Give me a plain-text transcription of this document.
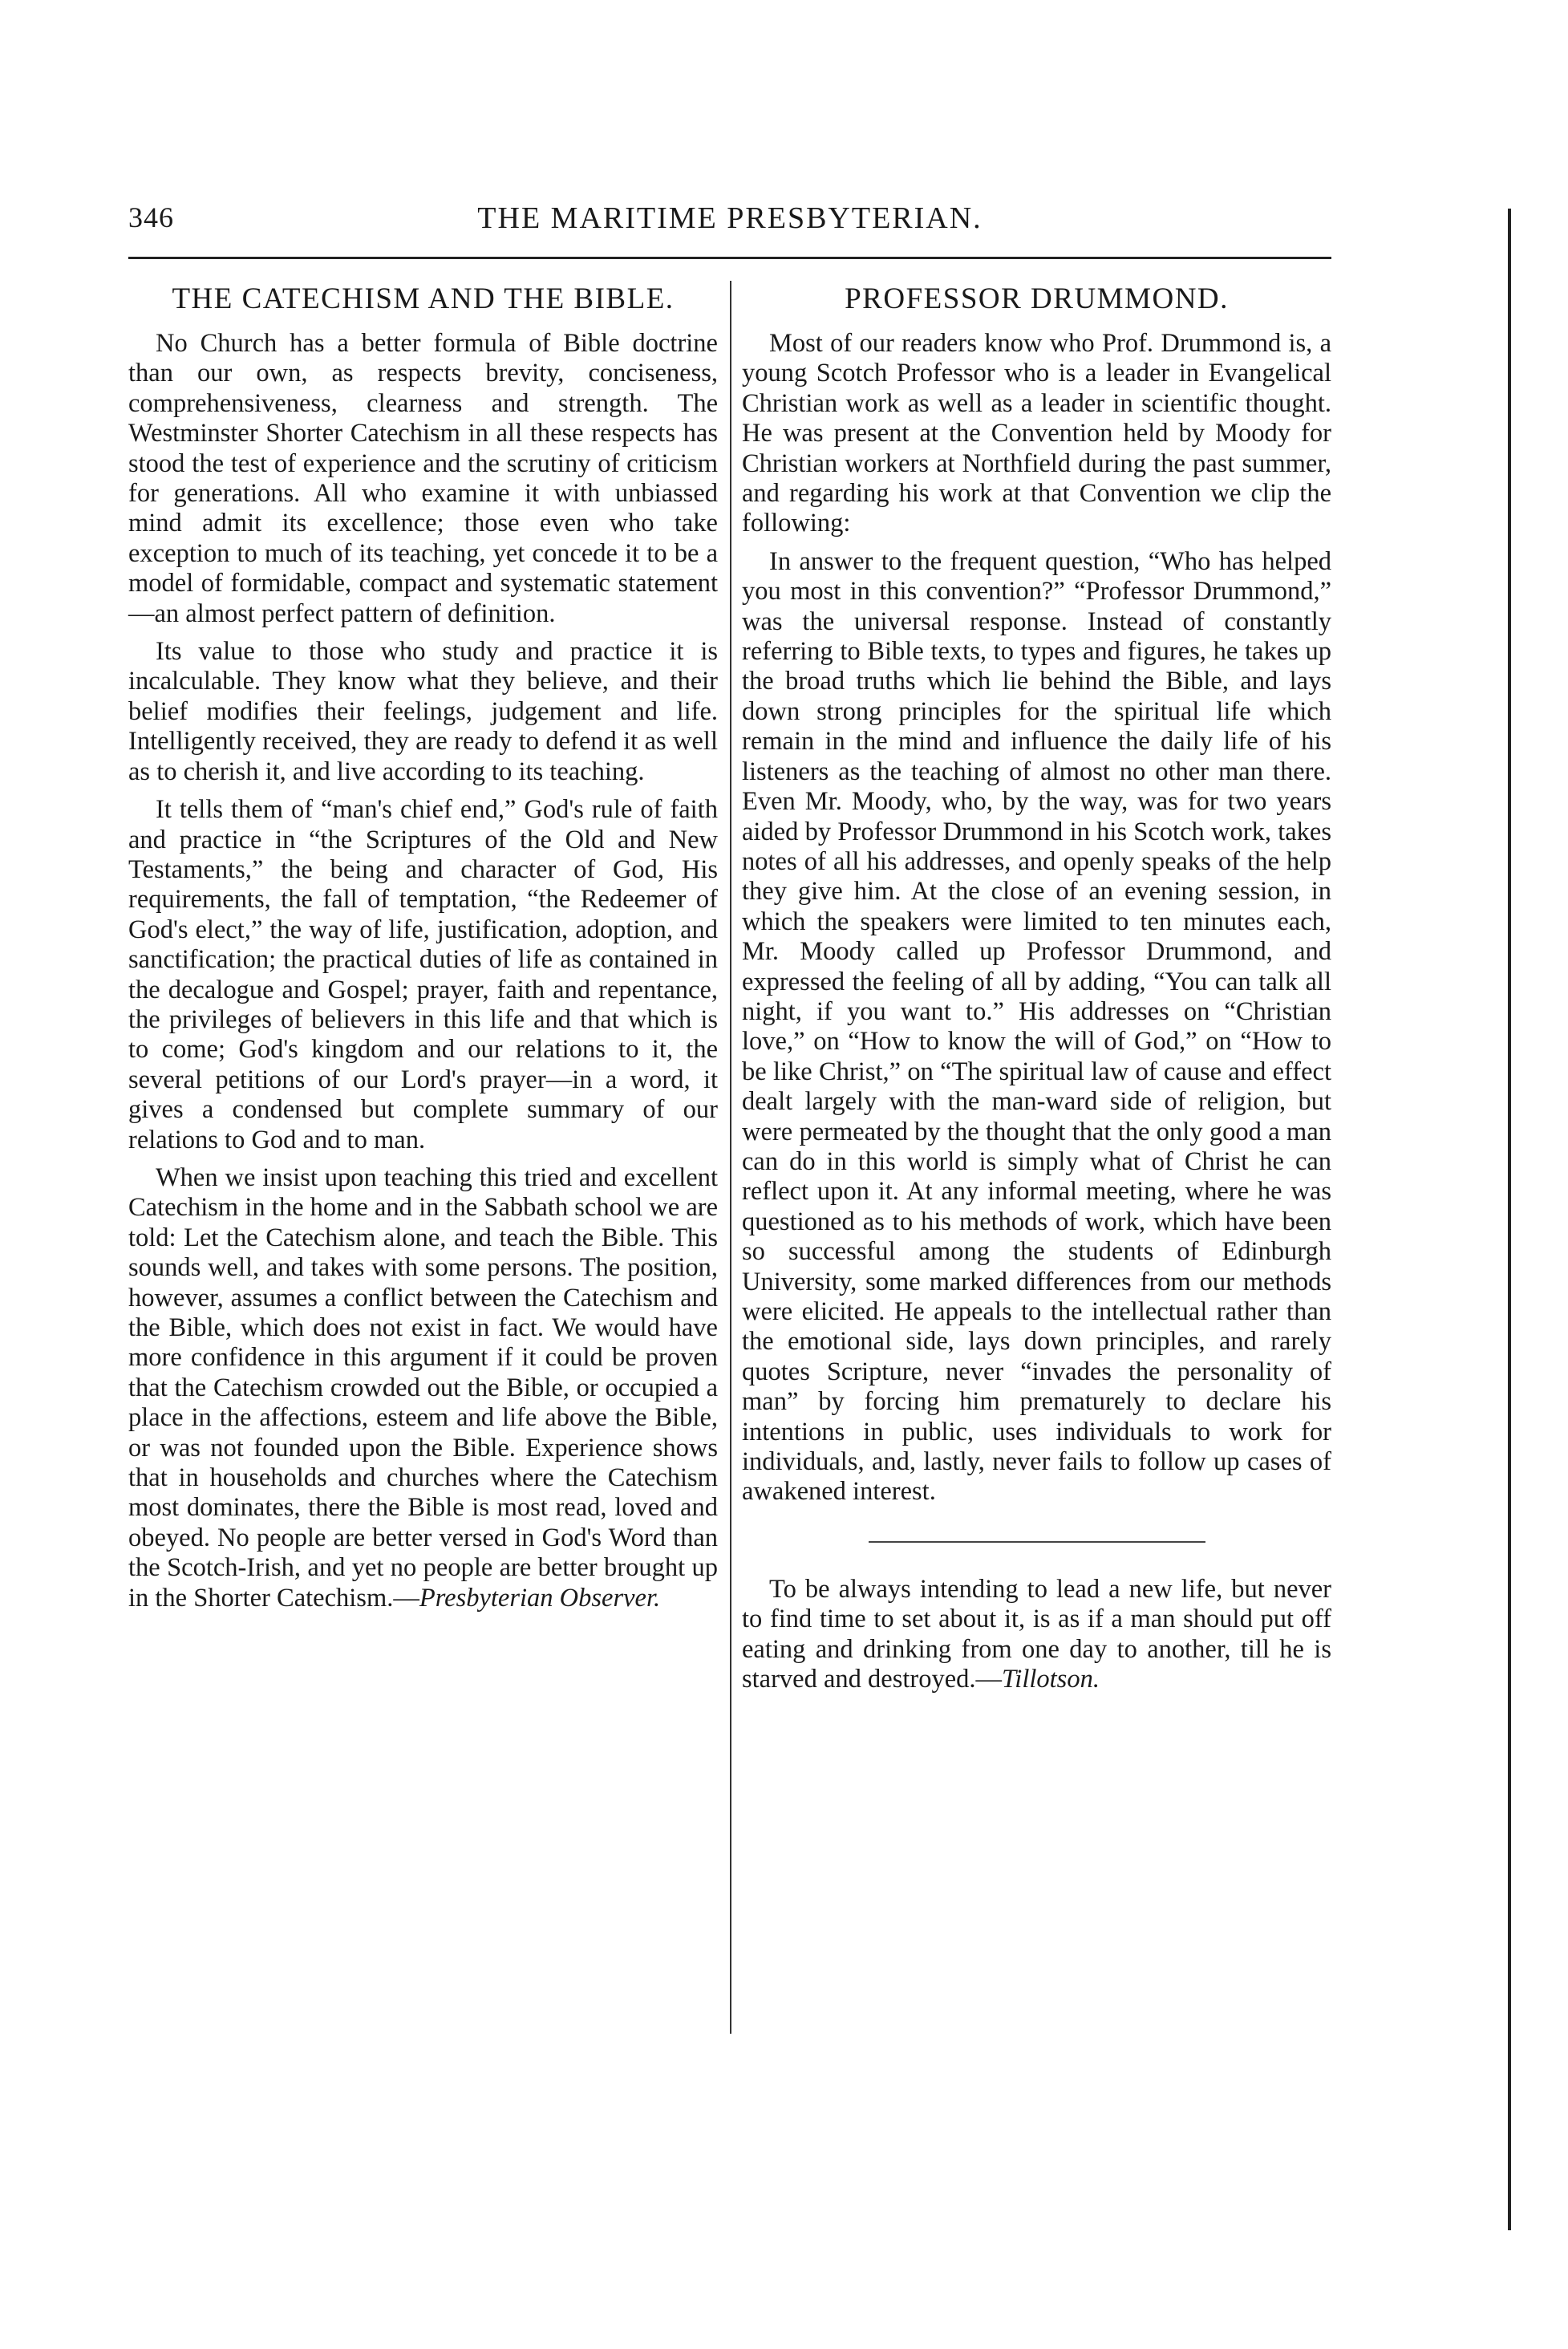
346	THE MARITIME PRESBYTERIAN.
THE CATECHISM AND THE BIBLE.

No Church has a better formula of Bible doctrine than our own, as respects brevity, conciseness, comprehensiveness, clearness and strength. The Westminster Shorter Catechism in all these respects has stood the test of experience and the scrutiny of criticism for generations. All who examine it with unbiassed mind admit its excellence; those even who take exception to much of its teaching, yet concede it to be a model of formidable, compact and systematic statement—an almost perfect pattern of definition.

Its value to those who study and practice it is incalculable. They know what they believe, and their belief modifies their feelings, judgement and life. Intelligently received, they are ready to defend it as well as to cherish it, and live according to its teaching.

It tells them of “man's chief end,” God's rule of faith and practice in “the Scriptures of the Old and New Testaments,” the being and character of God, His requirements, the fall of temptation, “the Redeemer of God's elect,” the way of life, justification, adoption, and sanctification; the practical duties of life as contained in the decalogue and Gospel; prayer, faith and repentance, the privileges of believers in this life and that which is to come; God's kingdom and our relations to it, the several petitions of our Lord's prayer—in a word, it gives a condensed but complete summary of our relations to God and to man.

When we insist upon teaching this tried and excellent Catechism in the home and in the Sabbath school we are told: Let the Catechism alone, and teach the Bible. This sounds well, and takes with some persons. The position, however, assumes a conflict between the Catechism and the Bible, which does not exist in fact. We would have more confidence in this argument if it could be proven that the Catechism crowded out the Bible, or occupied a place in the affections, esteem and life above the Bible, or was not founded upon the Bible. Experience shows that in households and churches where the Catechism most dominates, there the Bible is most read, loved and obeyed. No people are better versed in God's Word than the Scotch-Irish, and yet no people are better brought up in the Shorter Catechism.—Presbyterian Observer.

PROFESSOR DRUMMOND.

Most of our readers know who Prof. Drummond is, a young Scotch Professor who is a leader in Evangelical Christian work as well as a leader in scientific thought. He was present at the Convention held by Moody for Christian workers at Northfield during the past summer, and regarding his work at that Convention we clip the following:

In answer to the frequent question, “Who has helped you most in this convention?” “Professor Drummond,” was the universal response. Instead of constantly referring to Bible texts, to types and figures, he takes up the broad truths which lie behind the Bible, and lays down strong principles for the spiritual life which remain in the mind and influence the daily life of his listeners as the teaching of almost no other man there. Even Mr. Moody, who, by the way, was for two years aided by Professor Drummond in his Scotch work, takes notes of all his addresses, and openly speaks of the help they give him. At the close of an evening session, in which the speakers were limited to ten minutes each, Mr. Moody called up Professor Drummond, and expressed the feeling of all by adding, “You can talk all night, if you want to.” His addresses on “Christian love,” on “How to know the will of God,” on “How to be like Christ,” on “The spiritual law of cause and effect dealt largely with the man-ward side of religion, but were permeated by the thought that the only good a man can do in this world is simply what of Christ he can reflect upon it. At any informal meeting, where he was questioned as to his methods of work, which have been so successful among the students of Edinburgh University, some marked differences from our methods were elicited. He appeals to the intellectual rather than the emotional side, lays down principles, and rarely quotes Scripture, never “invades the personality of man” by forcing him prematurely to declare his intentions in public, uses individuals to work for individuals, and, lastly, never fails to follow up cases of awakened interest.

To be always intending to lead a new life, but never to find time to set about it, is as if a man should put off eating and drinking from one day to another, till he is starved and destroyed.—Tillotson.
